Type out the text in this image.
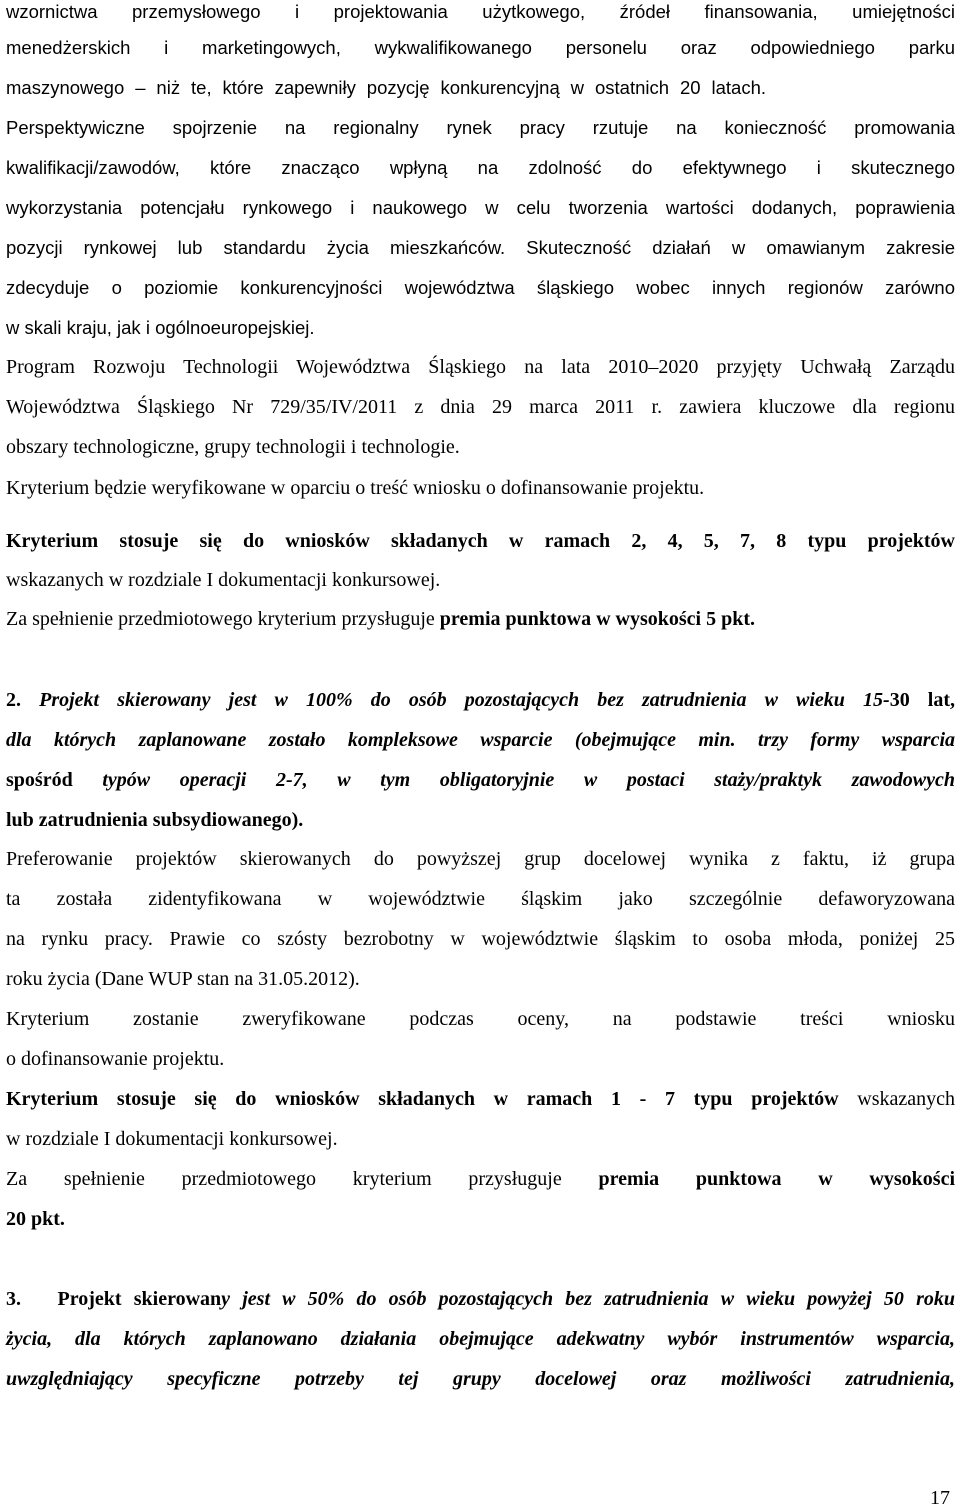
wzornictwa przemysłowego i projektowania użytkowego, źródeł finansowania, umiejętności

menedżerskich i marketingowych, wykwalifikowanego personelu oraz odpowiedniego parku

maszynowego – niż te, które zapewniły pozycję konkurencyjną w ostatnich 20 latach.

Perspektywiczne spojrzenie na regionalny rynek pracy rzutuje na konieczność promowania

kwalifikacji/zawodów, które znacząco wpłyną na zdolność do efektywnego i skutecznego

wykorzystania potencjału rynkowego i naukowego w celu tworzenia wartości dodanych, poprawienia

pozycji rynkowej lub standardu życia mieszkańców. Skuteczność działań w omawianym zakresie

zdecyduje o poziomie konkurencyjności województwa śląskiego wobec innych regionów zarówno

w skali kraju, jak i ogólnoeuropejskiej.

Program Rozwoju Technologii Województwa Śląskiego na lata 2010–2020 przyjęty Uchwałą Zarządu

Województwa Śląskiego Nr 729/35/IV/2011 z dnia 29 marca 2011 r. zawiera kluczowe dla regionu

obszary technologiczne, grupy technologii i technologie.

Kryterium będzie weryfikowane w oparciu o treść wniosku o dofinansowanie projektu.

Kryterium stosuje się do wniosków składanych w ramach 2, 4, 5, 7, 8 typu projektów

wskazanych w rozdziale I dokumentacji konkursowej.

Za spełnienie przedmiotowego kryterium przysługuje premia punktowa w wysokości 5 pkt.

2. Projekt skierowany jest w 100% do osób pozostających bez zatrudnienia w wieku 15-30 lat,

dla których zaplanowane zostało kompleksowe wsparcie (obejmujące min. trzy formy wsparcia

spośród typów operacji 2-7, w tym obligatoryjnie w postaci staży/praktyk zawodowych

lub zatrudnienia subsydiowanego).

Preferowanie projektów skierowanych do powyższej grup docelowej wynika z faktu, iż grupa

ta została zidentyfikowana w województwie śląskim jako szczególnie defaworyzowana

na rynku pracy. Prawie co szósty bezrobotny w województwie śląskim to osoba młoda, poniżej 25

roku życia (Dane WUP stan na 31.05.2012).

Kryterium zostanie zweryfikowane podczas oceny, na podstawie treści wniosku

o dofinansowanie projektu.

Kryterium stosuje się do wniosków składanych w ramach 1 - 7 typu projektów wskazanych

w rozdziale I dokumentacji konkursowej.

Za spełnienie przedmiotowego kryterium przysługuje premia punktowa w wysokości

20 pkt.

3. Projekt skierowany jest w 50% do osób pozostających bez zatrudnienia w wieku powyżej 50 roku

życia, dla których zaplanowano działania obejmujące adekwatny wybór instrumentów wsparcia,

uwzględniający specyficzne potrzeby tej grupy docelowej oraz możliwości zatrudnienia,

17
